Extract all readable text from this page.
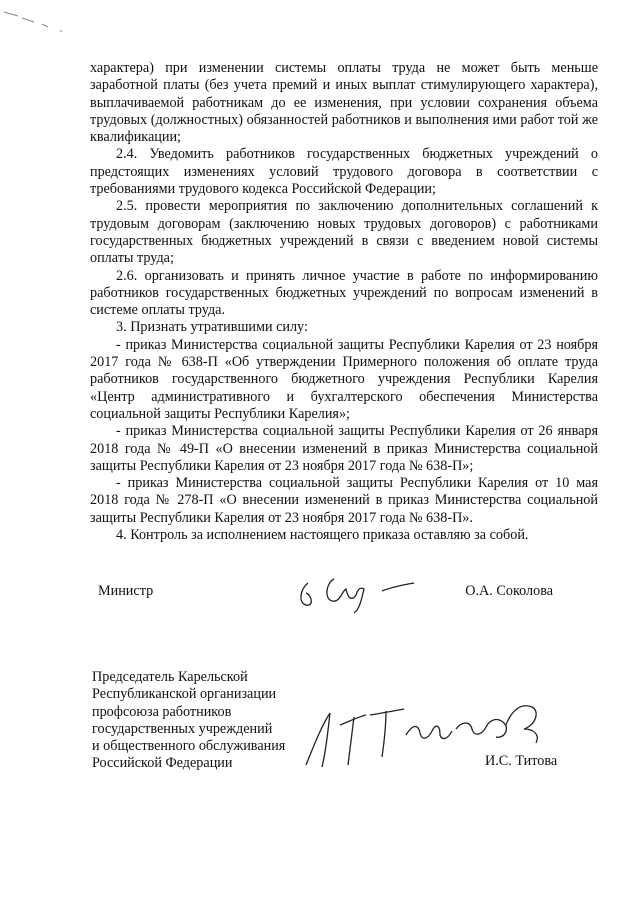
характера) при изменении системы оплаты труда не может быть меньше заработной платы (без учета премий и иных выплат стимулирующего характера), выплачиваемой работникам до ее изменения, при условии сохранения объема трудовых (должностных) обязанностей работников и выполнения ими работ той же квалификации;

2.4. Уведомить работников государственных бюджетных учреждений о предстоящих изменениях условий трудового договора в соответствии с требованиями трудового кодекса Российской Федерации;

2.5. провести мероприятия по заключению дополнительных соглашений к трудовым договорам (заключению новых трудовых договоров) с работниками государственных бюджетных учреждений в связи с введением новой системы оплаты труда;

2.6. организовать и принять личное участие в работе по информированию работников государственных бюджетных учреждений по вопросам изменений в системе оплаты труда.

3. Признать утратившими силу:

- приказ Министерства социальной защиты Республики Карелия от 23 ноября 2017 года № 638-П «Об утверждении Примерного положения об оплате труда работников государственного бюджетного учреждения Республики Карелия «Центр административного и бухгалтерского обеспечения Министерства социальной защиты Республики Карелия»;

- приказ Министерства социальной защиты Республики Карелия от 26 января 2018 года № 49-П «О внесении изменений в приказ Министерства социальной защиты Республики Карелия от 23 ноября 2017 года № 638-П»;

- приказ Министерства социальной защиты Республики Карелия от 10 мая 2018 года № 278-П «О внесении изменений в приказ Министерства социальной защиты Республики Карелия от 23 ноября 2017 года № 638-П».

4. Контроль за исполнением настоящего приказа оставляю за собой.

Министр	О.А. Соколова
Председатель Карельской
Республиканской организации
профсоюза работников
государственных учреждений
и общественного обслуживания
Российской Федерации	И.С. Титова
